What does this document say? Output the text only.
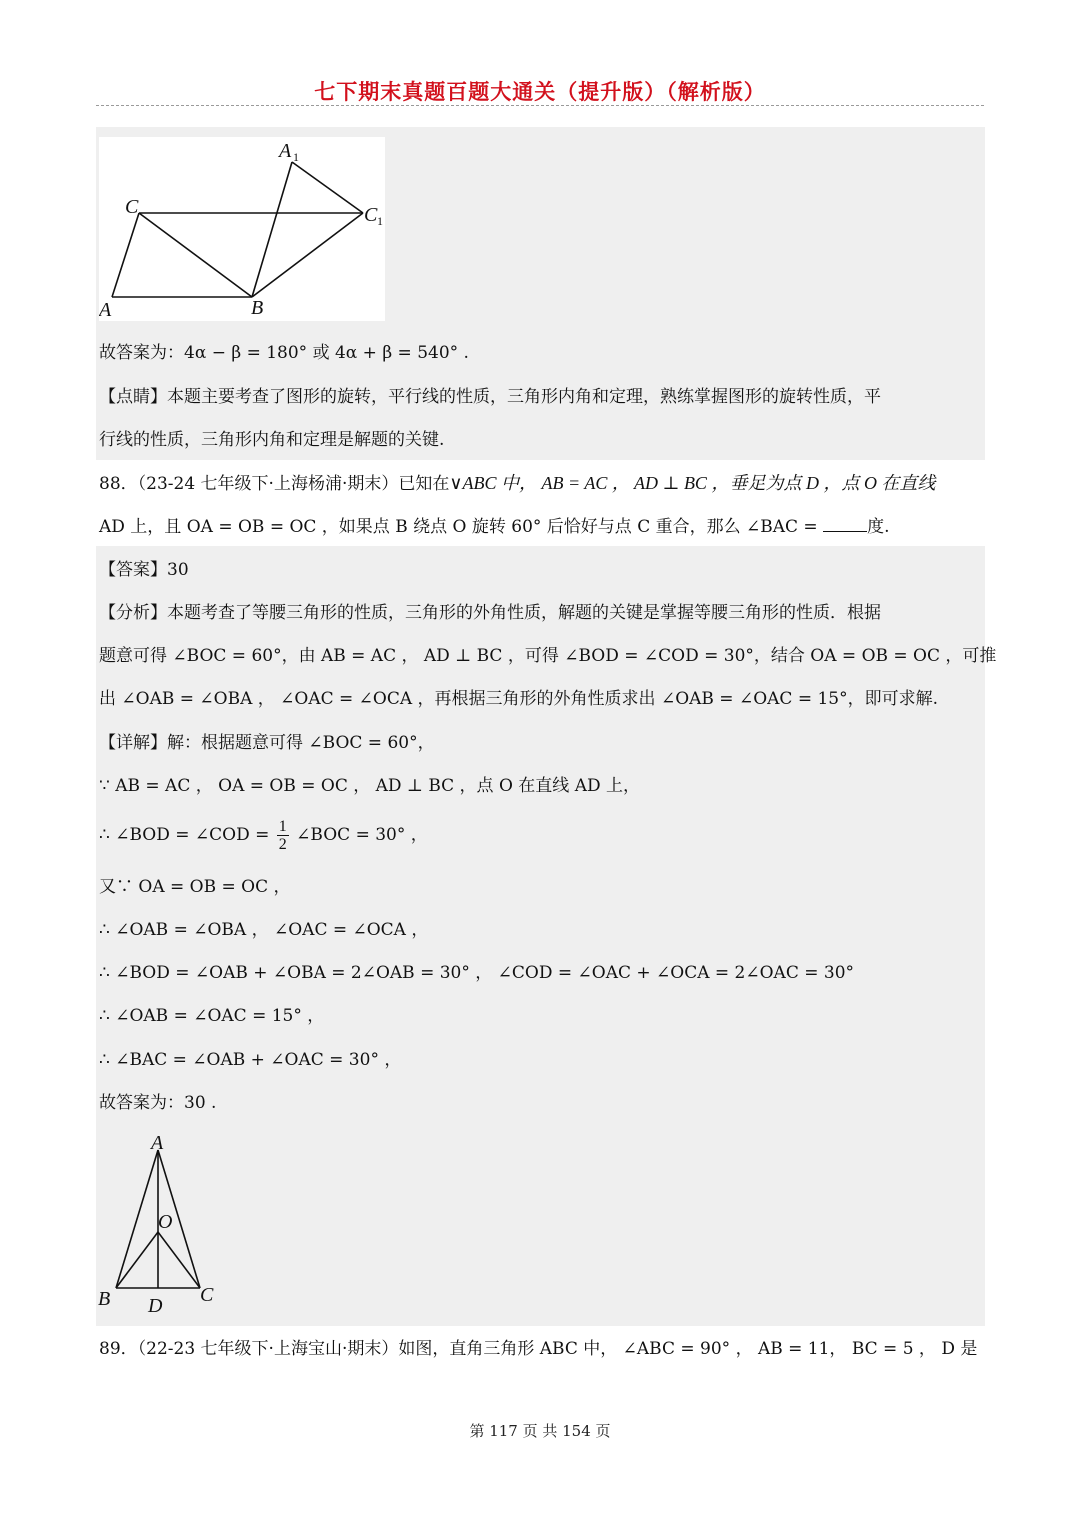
七下期末真题百题大通关（提升版）（解析版）
A	B
C
A 1
C 1
故答案为：4α − β = 180° 或 4α + β = 540° .
【点睛】本题主要考查了图形的旋转，平行线的性质，三角形内角和定理，熟练掌握图形的旋转性质，平
行线的性质，三角形内角和定理是解题的关键.
88．（23-24 七年级下·上海杨浦·期末）已知在∨ABC 中， AB = AC ， AD ⊥ BC ，垂足为点 D ，点 O 在直线
AD 上，且 OA = OB = OC ，如果点 B 绕点 O 旋转 60° 后恰好与点 C 重合，那么 ∠BAC =	度.
【答案】30
【分析】本题考查了等腰三角形的性质，三角形的外角性质，解题的关键是掌握等腰三角形的性质．根据
题意可得 ∠BOC = 60°，由 AB = AC ， AD ⊥ BC ，可得 ∠BOD = ∠COD = 30°，结合 OA = OB = OC ，可推
出 ∠OAB = ∠OBA ， ∠OAC = ∠OCA ，再根据三角形的外角性质求出 ∠OAB = ∠OAC = 15°，即可求解.
【详解】解：根据题意可得 ∠BOC = 60°，
∵ AB = AC ， OA = OB = OC ， AD ⊥ BC ，点 O 在直线 AD 上，
∴ ∠BOD = ∠COD = $\frac{1}{2}$ ∠BOC = 30° ，
又∵ OA = OB = OC ，
∴ ∠OAB = ∠OBA ， ∠OAC = ∠OCA ，
∴ ∠BOD = ∠OAB + ∠OBA = 2∠OAB = 30° ， ∠COD = ∠OAC + ∠OCA = 2∠OAC = 30°
∴ ∠OAB = ∠OAC = 15° ，
∴ ∠BAC = ∠OAB + ∠OAC = 30° ，
故答案为：30 .
A
O
B D C
89．（22-23 七年级下·上海宝山·期末）如图，直角三角形 ABC 中， ∠ABC = 90° ， AB = 11， BC = 5 ， D 是
第 117 页 共 154 页
